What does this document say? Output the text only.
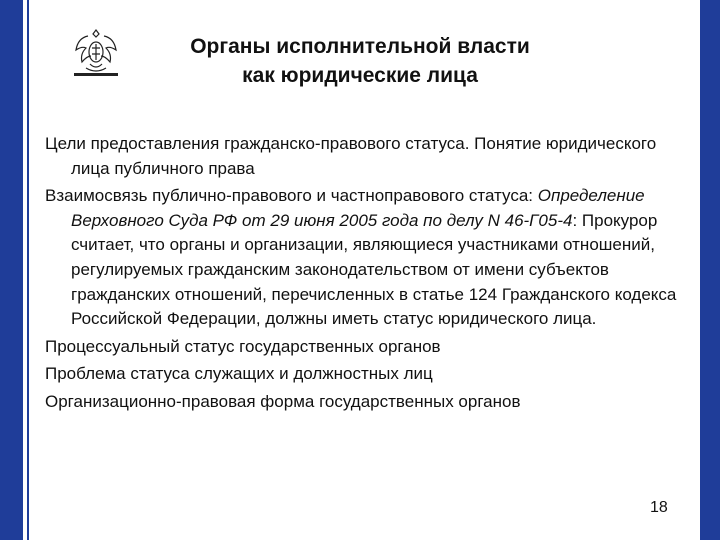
Органы исполнительной власти
как юридические лица

Цели предоставления гражданско-правового статуса. Понятие юридического лица публичного права

Взаимосвязь публично-правового и частноправового статуса: Определение Верховного Суда РФ от 29 июня 2005 года по делу N 46-Г05-4: Прокурор считает, что органы и организации, являющиеся участниками отношений, регулируемых гражданским законодательством от имени субъектов гражданских отношений, перечисленных в статье 124 Гражданского кодекса Российской Федерации, должны иметь статус юридического лица.

Процессуальный статус государственных органов

Проблема статуса служащих и должностных лиц

Организационно-правовая форма государственных органов

18
